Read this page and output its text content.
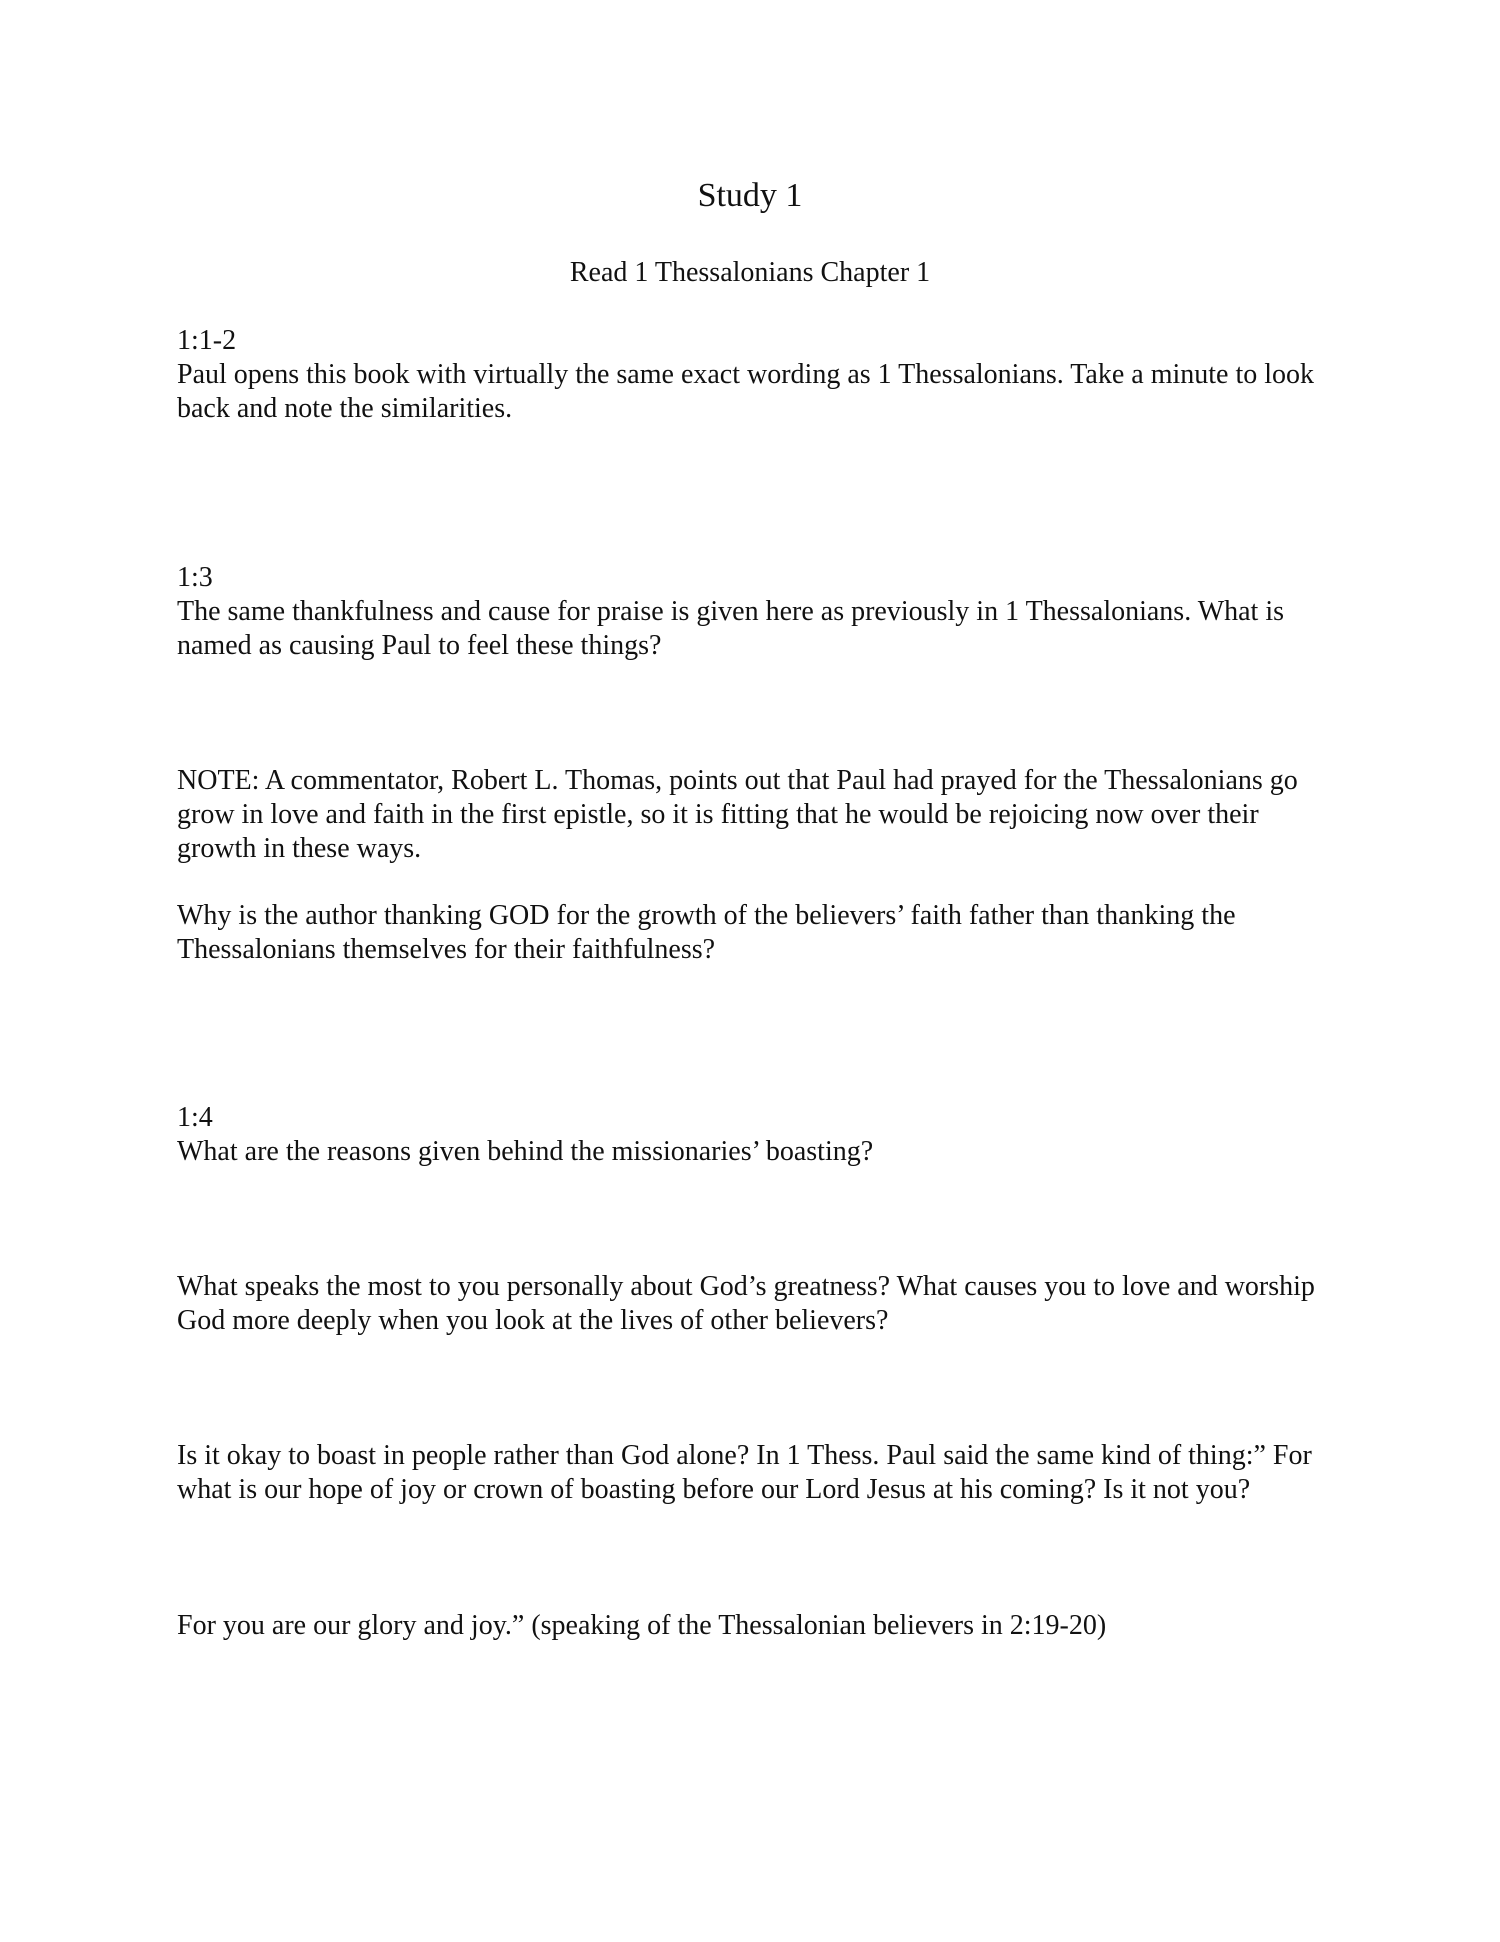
Study 1
Read 1 Thessalonians Chapter 1
1:1-2

Paul opens this book with virtually the same exact wording as 1 Thessalonians. Take a minute to look back and note the similarities.

1:3

The same thankfulness and cause for praise is given here as previously in 1 Thessalonians. What is named as causing Paul to feel these things?

NOTE: A commentator, Robert L. Thomas, points out that Paul had prayed for the Thessalonians go grow in love and faith in the first epistle, so it is fitting that he would be rejoicing now over their growth in these ways.

Why is the author thanking GOD for the growth of the believers’ faith father than thanking the Thessalonians themselves for their faithfulness?

1:4

What are the reasons given behind the missionaries’ boasting?

What speaks the most to you personally about God’s greatness? What causes you to love and worship God more deeply when you look at the lives of other believers?

Is it okay to boast in people rather than God alone? In 1 Thess. Paul said the same kind of thing:” For what is our hope of joy or crown of boasting before our Lord Jesus at his coming? Is it not you?

For you are our glory and joy.” (speaking of the Thessalonian believers in 2:19-20)
